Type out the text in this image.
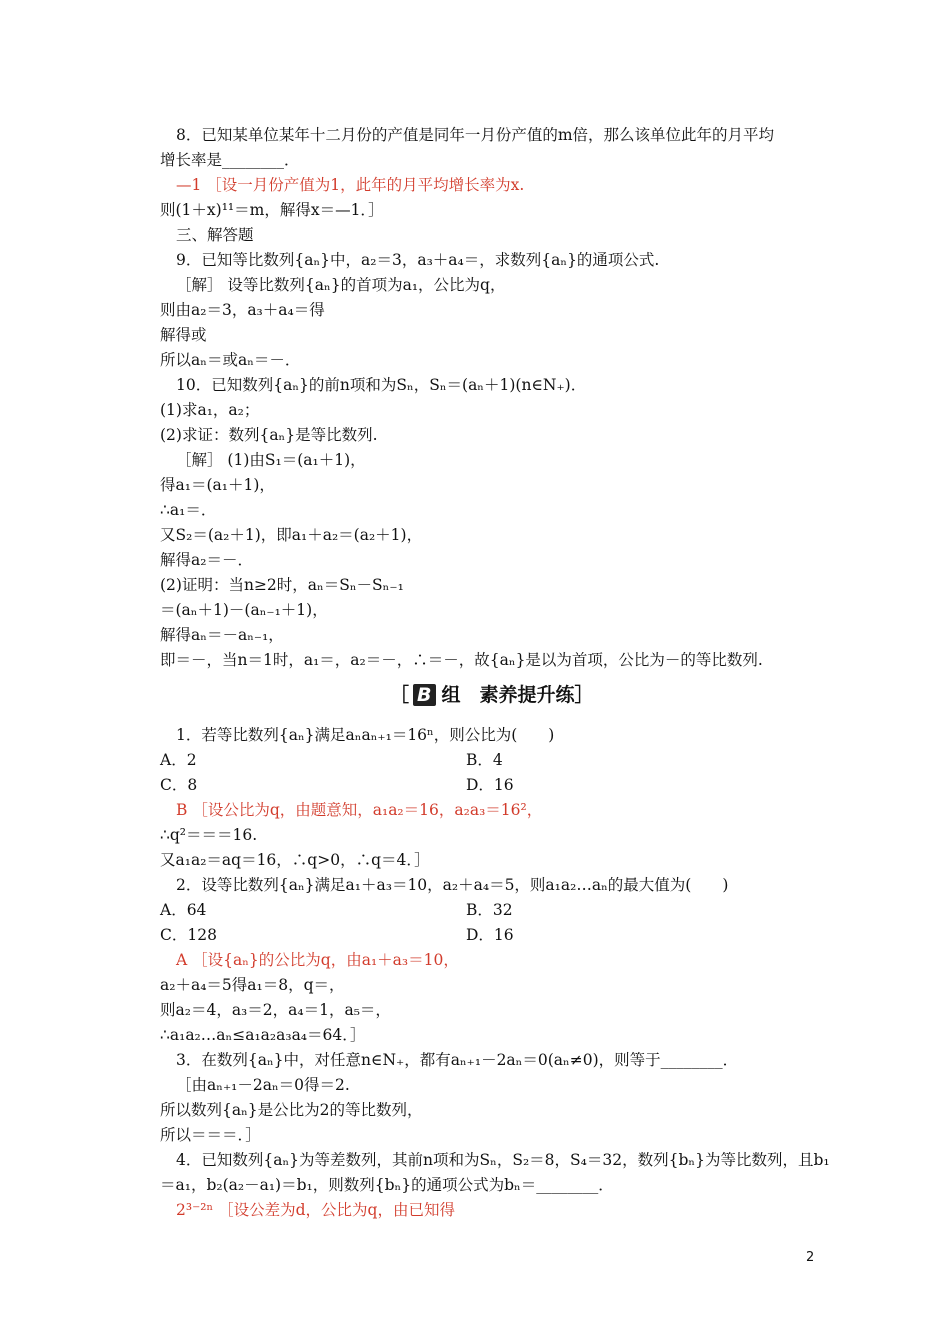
8．已知某单位某年十二月份的产值是同年一月份产值的m倍，那么该单位此年的月平均
增长率是________．
—1 ［设一月份产值为1，此年的月平均增长率为x.
则(1＋x)¹¹＝m，解得x＝—1．］
三、解答题
9．已知等比数列{aₙ}中，a₂＝3，a₃＋a₄＝，求数列{aₙ}的通项公式.
［解］ 设等比数列{aₙ}的首项为a₁，公比为q，
则由a₂＝3，a₃＋a₄＝得
解得或
所以aₙ＝或aₙ＝－．
10．已知数列{aₙ}的前n项和为Sₙ，Sₙ＝(aₙ＋1)(n∈N₊)．
(1)求a₁，a₂；
(2)求证：数列{aₙ}是等比数列.
［解］ (1)由S₁＝(a₁＋1)，
得a₁＝(a₁＋1)，
∴a₁＝．
又S₂＝(a₂＋1)，即a₁＋a₂＝(a₂＋1)，
解得a₂＝－．
(2)证明：当n≥2时，aₙ＝Sₙ－Sₙ₋₁
＝(aₙ＋1)－(aₙ₋₁＋1)，
解得aₙ＝－aₙ₋₁，
即＝－，当n＝1时，a₁＝，a₂＝－，∴＝－，故{aₙ}是以为首项，公比为－的等比数列.
［ B 组　素养提升练］
1．若等比数列{aₙ}满足aₙaₙ₊₁＝16ⁿ，则公比为(　　)
A．2	B．4
C．8	D．16
B ［设公比为q，由题意知，a₁a₂＝16，a₂a₃＝16²，
∴q²＝＝＝16.
又a₁a₂＝aq＝16，∴q>0，∴q＝4．］
2．设等比数列{aₙ}满足a₁＋a₃＝10，a₂＋a₄＝5，则a₁a₂…aₙ的最大值为(　　)
A．64	B．32
C．128	D．16
A ［设{aₙ}的公比为q，由a₁＋a₃＝10，
a₂＋a₄＝5得a₁＝8，q＝，
则a₂＝4，a₃＝2，a₄＝1，a₅＝，
∴a₁a₂…aₙ≤a₁a₂a₃a₄＝64．］
3．在数列{aₙ}中，对任意n∈N₊，都有aₙ₊₁－2aₙ＝0(aₙ≠0)，则等于________．
［由aₙ₊₁－2aₙ＝0得＝2.
所以数列{aₙ}是公比为2的等比数列，
所以＝＝＝．］
4．已知数列{aₙ}为等差数列，其前n项和为Sₙ，S₂＝8，S₄＝32，数列{bₙ}为等比数列，且b₁
＝a₁，b₂(a₂－a₁)＝b₁，则数列{bₙ}的通项公式为bₙ＝________．
2³⁻²ⁿ ［设公差为d，公比为q，由已知得
2
